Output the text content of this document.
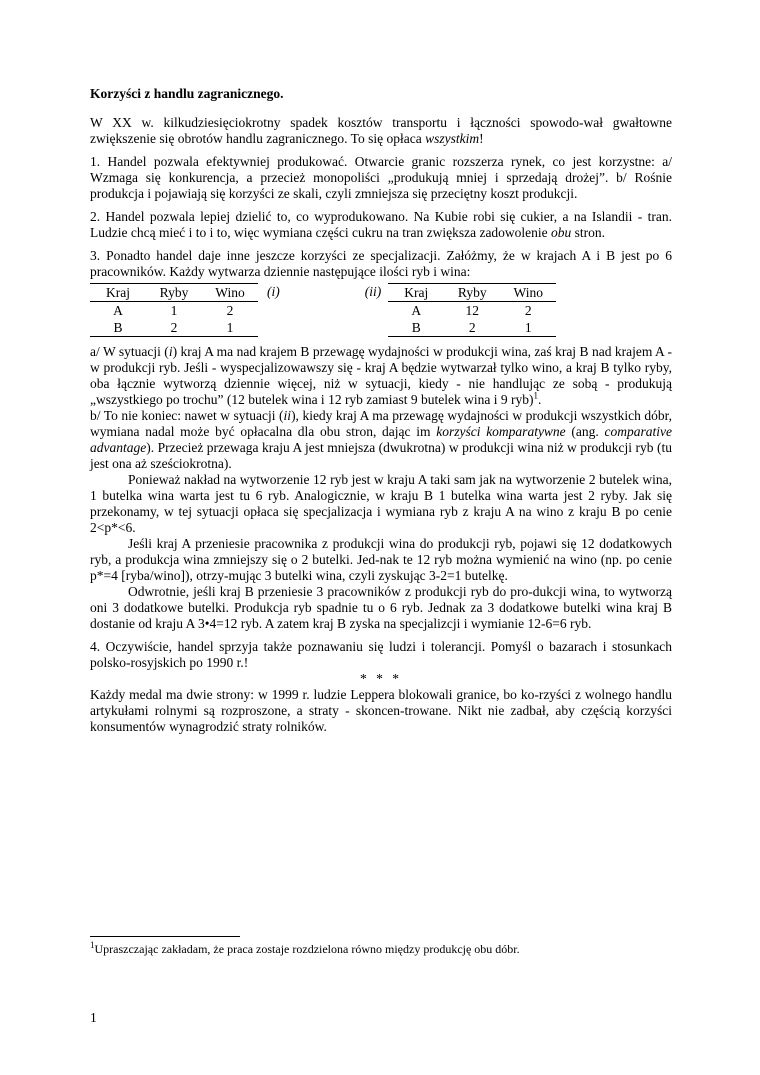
Korzyści z handlu zagranicznego.

W XX w. kilkudziesięciokrotny spadek kosztów transportu i łączności spowodo-wał gwałtowne zwiększenie się obrotów handlu zagranicznego. To się opłaca wszystkim!

1. Handel pozwala efektywniej produkować. Otwarcie granic rozszerza rynek, co jest korzystne: a/ Wzmaga się konkurencja, a przecież monopoliści „produkują mniej i sprzedają drożej”. b/ Rośnie produkcja i pojawiają się korzyści ze skali, czyli zmniejsza się przeciętny koszt produkcji.

2. Handel pozwala lepiej dzielić to, co wyprodukowano. Na Kubie robi się cukier, a na Islandii - tran. Ludzie chcą mieć i to i to, więc wymiana części cukru na tran zwiększa zadowolenie obu stron.

3. Ponadto handel daje inne jeszcze korzyści ze specjalizacji. Załóżmy, że w krajach A i B jest po 6 pracowników. Każdy wytwarza dziennie następujące ilości ryb i wina:

Kraj	Ryby	Wino
A	1	2
B	2	1
(i)	(ii) Kraj	Ryby	Wino
A	12	2
B	2	1

a/ W sytuacji (i) kraj A ma nad krajem B przewagę wydajności w produkcji wina, zaś kraj B nad krajem A - w produkcji ryb. Jeśli - wyspecjalizowawszy się - kraj A będzie wytwarzał tylko wino, a kraj B tylko ryby, oba łącznie wytworzą dziennie więcej, niż w sytuacji, kiedy - nie handlując ze sobą - produkują „wszystkiego po trochu” (12 butelek wina i 12 ryb zamiast 9 butelek wina i 9 ryb)$^1$.

b/ To nie koniec: nawet w sytuacji (ii), kiedy kraj A ma przewagę wydajności w produkcji wszystkich dóbr, wymiana nadal może być opłacalna dla obu stron, dając im korzyści komparatywne (ang. comparative advantage). Przecież przewaga kraju A jest mniejsza (dwukrotna) w produkcji wina niż w produkcji ryb (tu jest ona aż sześciokrotna).

Ponieważ nakład na wytworzenie 12 ryb jest w kraju A taki sam jak na wytworzenie 2 butelek wina, 1 butelka wina warta jest tu 6 ryb. Analogicznie, w kraju B 1 butelka wina warta jest 2 ryby. Jak się przekonamy, w tej sytuacji opłaca się specjalizacja i wymiana ryb z kraju A na wino z kraju B po cenie 2<p*<6.

Jeśli kraj A przeniesie pracownika z produkcji wina do produkcji ryb, pojawi się 12 dodatkowych ryb, a produkcja wina zmniejszy się o 2 butelki. Jed-nak te 12 ryb można wymienić na wino (np. po cenie p*=4 [ryba/wino]), otrzy-mując 3 butelki wina, czyli zyskując 3-2=1 butelkę.

Odwrotnie, jeśli kraj B przeniesie 3 pracowników z produkcji ryb do pro-dukcji wina, to wytworzą oni 3 dodatkowe butelki. Produkcja ryb spadnie tu o 6 ryb. Jednak za 3 dodatkowe butelki wina kraj B dostanie od kraju A 3•4=12 ryb. A zatem kraj B zyska na specjalizcji i wymianie 12-6=6 ryb.

4. Oczywiście, handel sprzyja także poznawaniu się ludzi i tolerancji. Pomyśl o bazarach i stosunkach polsko-rosyjskich po 1990 r.!

* * *

Każdy medal ma dwie strony: w 1999 r. ludzie Leppera blokowali granice, bo ko-rzyści z wolnego handlu artykułami rolnymi są rozproszone, a straty - skoncen-trowane. Nikt nie zadbał, aby częścią korzyści konsumentów wynagrodzić straty rolników.

$^1$Upraszczając zakładam, że praca zostaje rozdzielona równo między produkcję obu dóbr.
1
